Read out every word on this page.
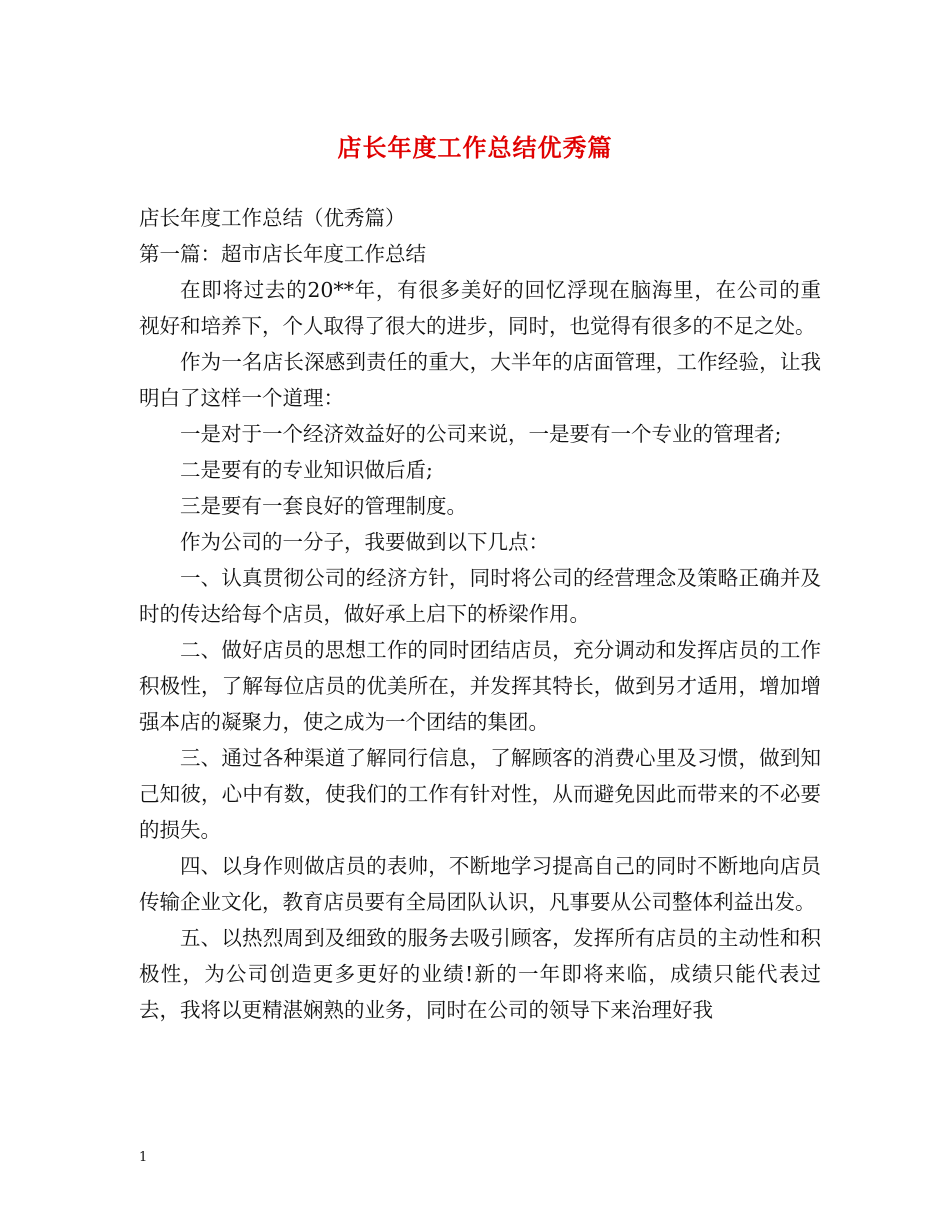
店长年度工作总结优秀篇
店长年度工作总结（优秀篇）
第一篇：超市店长年度工作总结

在即将过去的20**年，有很多美好的回忆浮现在脑海里，在公司的重视好和培养下，个人取得了很大的进步，同时，也觉得有很多的不足之处。

作为一名店长深感到责任的重大，大半年的店面管理，工作经验，让我明白了这样一个道理：

一是对于一个经济效益好的公司来说，一是要有一个专业的管理者;

二是要有的专业知识做后盾;

三是要有一套良好的管理制度。

作为公司的一分子，我要做到以下几点：

一、认真贯彻公司的经济方针，同时将公司的经营理念及策略正确并及时的传达给每个店员，做好承上启下的桥梁作用。

二、做好店员的思想工作的同时团结店员，充分调动和发挥店员的工作积极性，了解每位店员的优美所在，并发挥其特长，做到另才适用，增加增强本店的凝聚力，使之成为一个团结的集团。

三、通过各种渠道了解同行信息，了解顾客的消费心里及习惯，做到知己知彼，心中有数，使我们的工作有针对性，从而避免因此而带来的不必要的损失。

四、以身作则做店员的表帅，不断地学习提高自己的同时不断地向店员传输企业文化，教育店员要有全局团队认识，凡事要从公司整体利益出发。

五、以热烈周到及细致的服务去吸引顾客，发挥所有店员的主动性和积极性，为公司创造更多更好的业绩!新的一年即将来临，成绩只能代表过去，我将以更精湛娴熟的业务，同时在公司的领导下来治理好我

1
